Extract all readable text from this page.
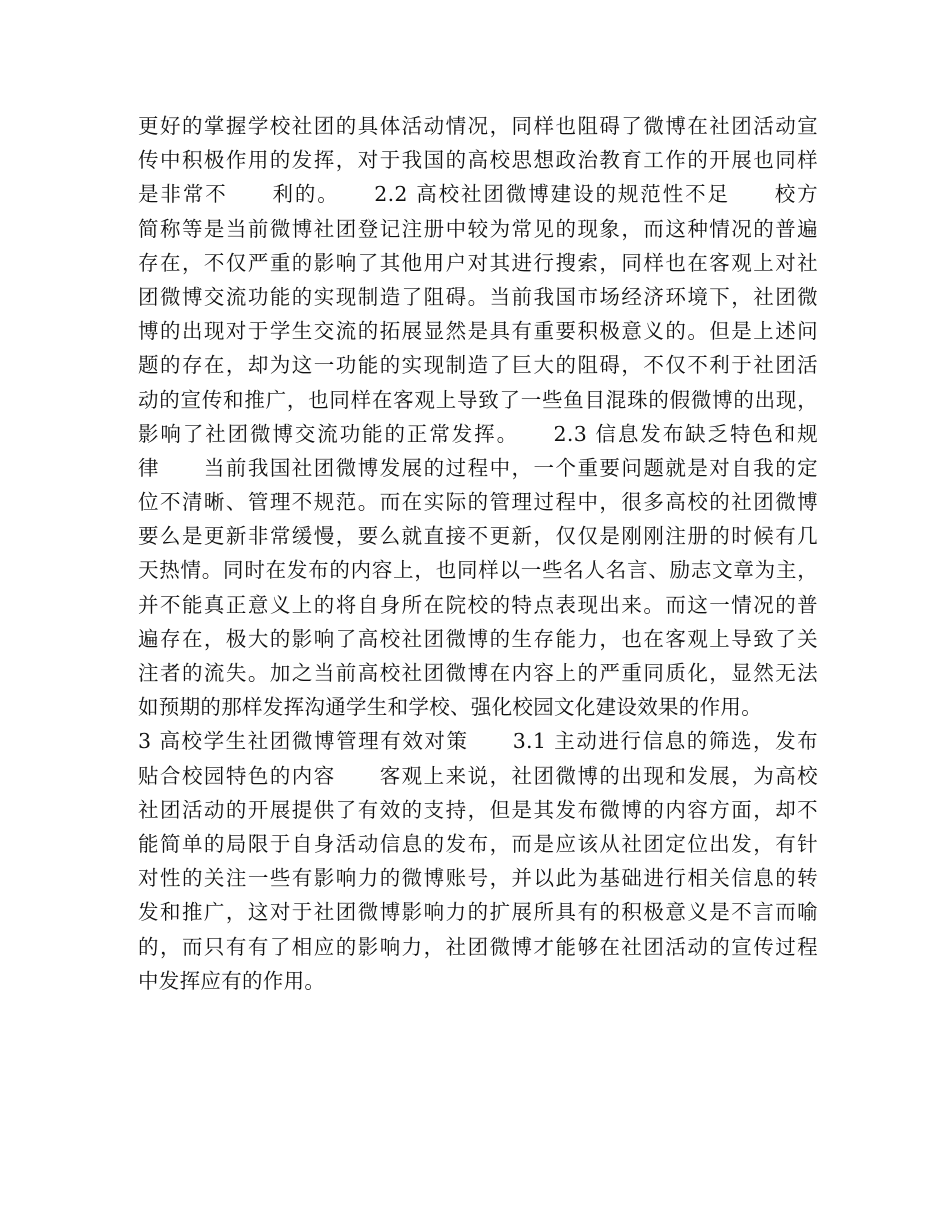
更好的掌握学校社团的具体活动情况，同样也阻碍了微博在社团活动宣
传中积极作用的发挥，对于我国的高校思想政治教育工作的开展也同样
是非常不　　利的。　　2.2 高校社团微博建设的规范性不足　　校方
简称等是当前微博社团登记注册中较为常见的现象，而这种情况的普遍
存在，不仅严重的影响了其他用户对其进行搜索，同样也在客观上对社
团微博交流功能的实现制造了阻碍。当前我国市场经济环境下，社团微
博的出现对于学生交流的拓展显然是具有重要积极意义的。但是上述问
题的存在，却为这一功能的实现制造了巨大的阻碍，不仅不利于社团活
动的宣传和推广，也同样在客观上导致了一些鱼目混珠的假微博的出现，
影响了社团微博交流功能的正常发挥。　　2.3 信息发布缺乏特色和规
律　　当前我国社团微博发展的过程中，一个重要问题就是对自我的定
位不清晰、管理不规范。而在实际的管理过程中，很多高校的社团微博
要么是更新非常缓慢，要么就直接不更新，仅仅是刚刚注册的时候有几
天热情。同时在发布的内容上，也同样以一些名人名言、励志文章为主，
并不能真正意义上的将自身所在院校的特点表现出来。而这一情况的普
遍存在，极大的影响了高校社团微博的生存能力，也在客观上导致了关
注者的流失。加之当前高校社团微博在内容上的严重同质化，显然无法
如预期的那样发挥沟通学生和学校、强化校园文化建设效果的作用。
3 高校学生社团微博管理有效对策　　3.1 主动进行信息的筛选，发布
贴合校园特色的内容　　客观上来说，社团微博的出现和发展，为高校
社团活动的开展提供了有效的支持，但是其发布微博的内容方面，却不
能简单的局限于自身活动信息的发布，而是应该从社团定位出发，有针
对性的关注一些有影响力的微博账号，并以此为基础进行相关信息的转
发和推广，这对于社团微博影响力的扩展所具有的积极意义是不言而喻
的，而只有有了相应的影响力，社团微博才能够在社团活动的宣传过程
中发挥应有的作用。
